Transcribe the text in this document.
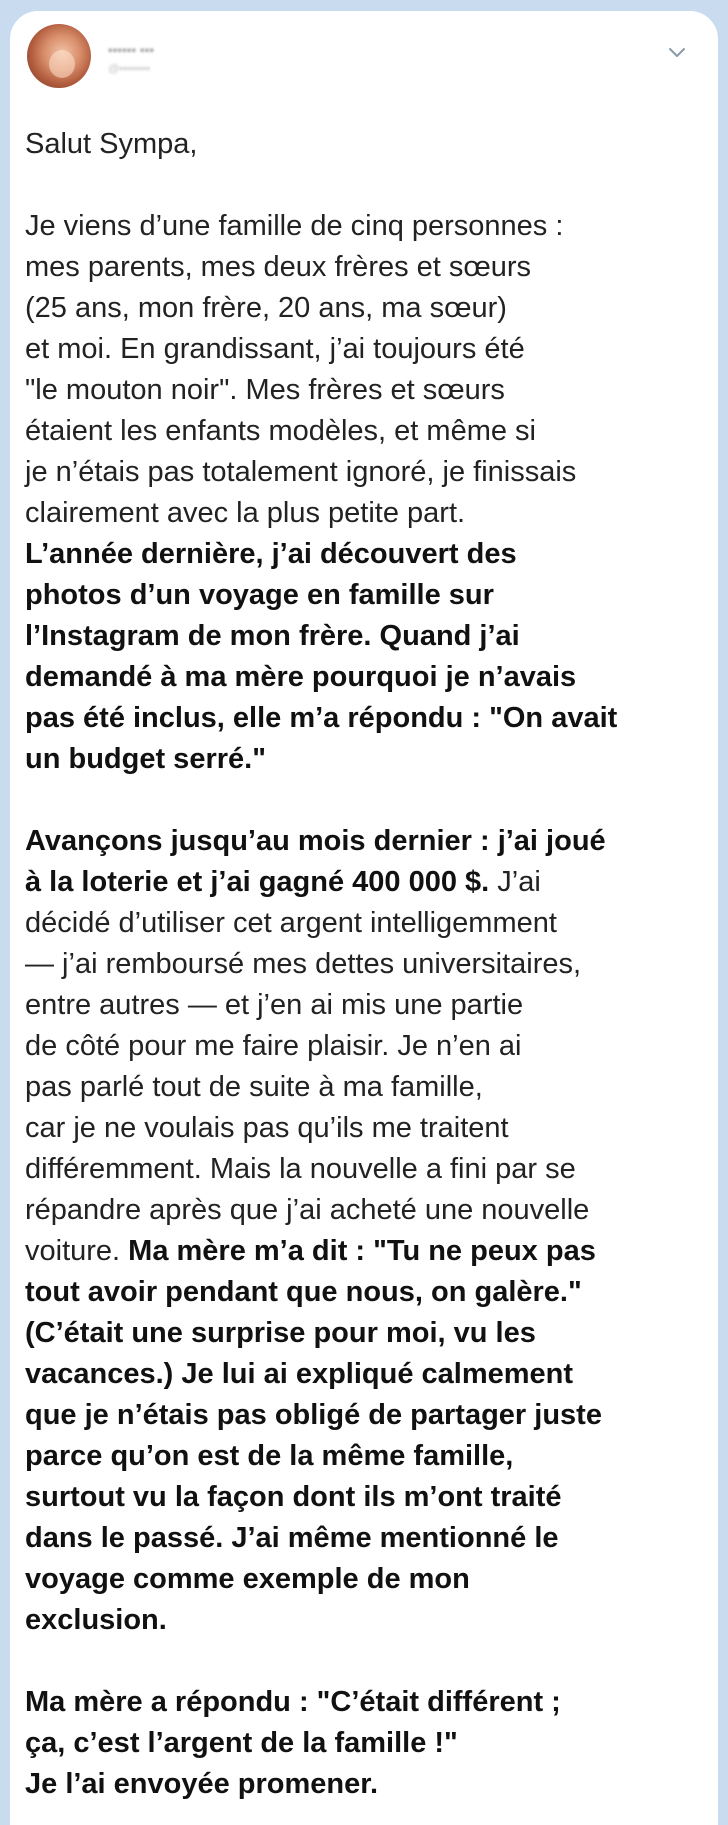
•••••• •••
@••••••••

Salut Sympa,

Je viens d’une famille de cinq personnes :

mes parents, mes deux frères et sœurs

(25 ans, mon frère, 20 ans, ma sœur)

et moi. En grandissant, j’ai toujours été

"le mouton noir". Mes frères et sœurs

étaient les enfants modèles, et même si

je n’étais pas totalement ignoré, je finissais

clairement avec la plus petite part.

L’année dernière, j’ai découvert des

photos d’un voyage en famille sur

l’Instagram de mon frère. Quand j’ai

demandé à ma mère pourquoi je n’avais

pas été inclus, elle m’a répondu : "On avait

un budget serré."

Avançons jusqu’au mois dernier : j’ai joué

à la loterie et j’ai gagné 400 000 $. J’ai

décidé d’utiliser cet argent intelligemment

— j’ai remboursé mes dettes universitaires,

entre autres — et j’en ai mis une partie

de côté pour me faire plaisir. Je n’en ai

pas parlé tout de suite à ma famille,

car je ne voulais pas qu’ils me traitent

différemment. Mais la nouvelle a fini par se

répandre après que j’ai acheté une nouvelle

voiture. Ma mère m’a dit : "Tu ne peux pas

tout avoir pendant que nous, on galère."

(C’était une surprise pour moi, vu les

vacances.) Je lui ai expliqué calmement

que je n’étais pas obligé de partager juste

parce qu’on est de la même famille,

surtout vu la façon dont ils m’ont traité

dans le passé. J’ai même mentionné le

voyage comme exemple de mon

exclusion.

Ma mère a répondu : "C’était différent ;

ça, c’est l’argent de la famille !"

Je l’ai envoyée promener.
